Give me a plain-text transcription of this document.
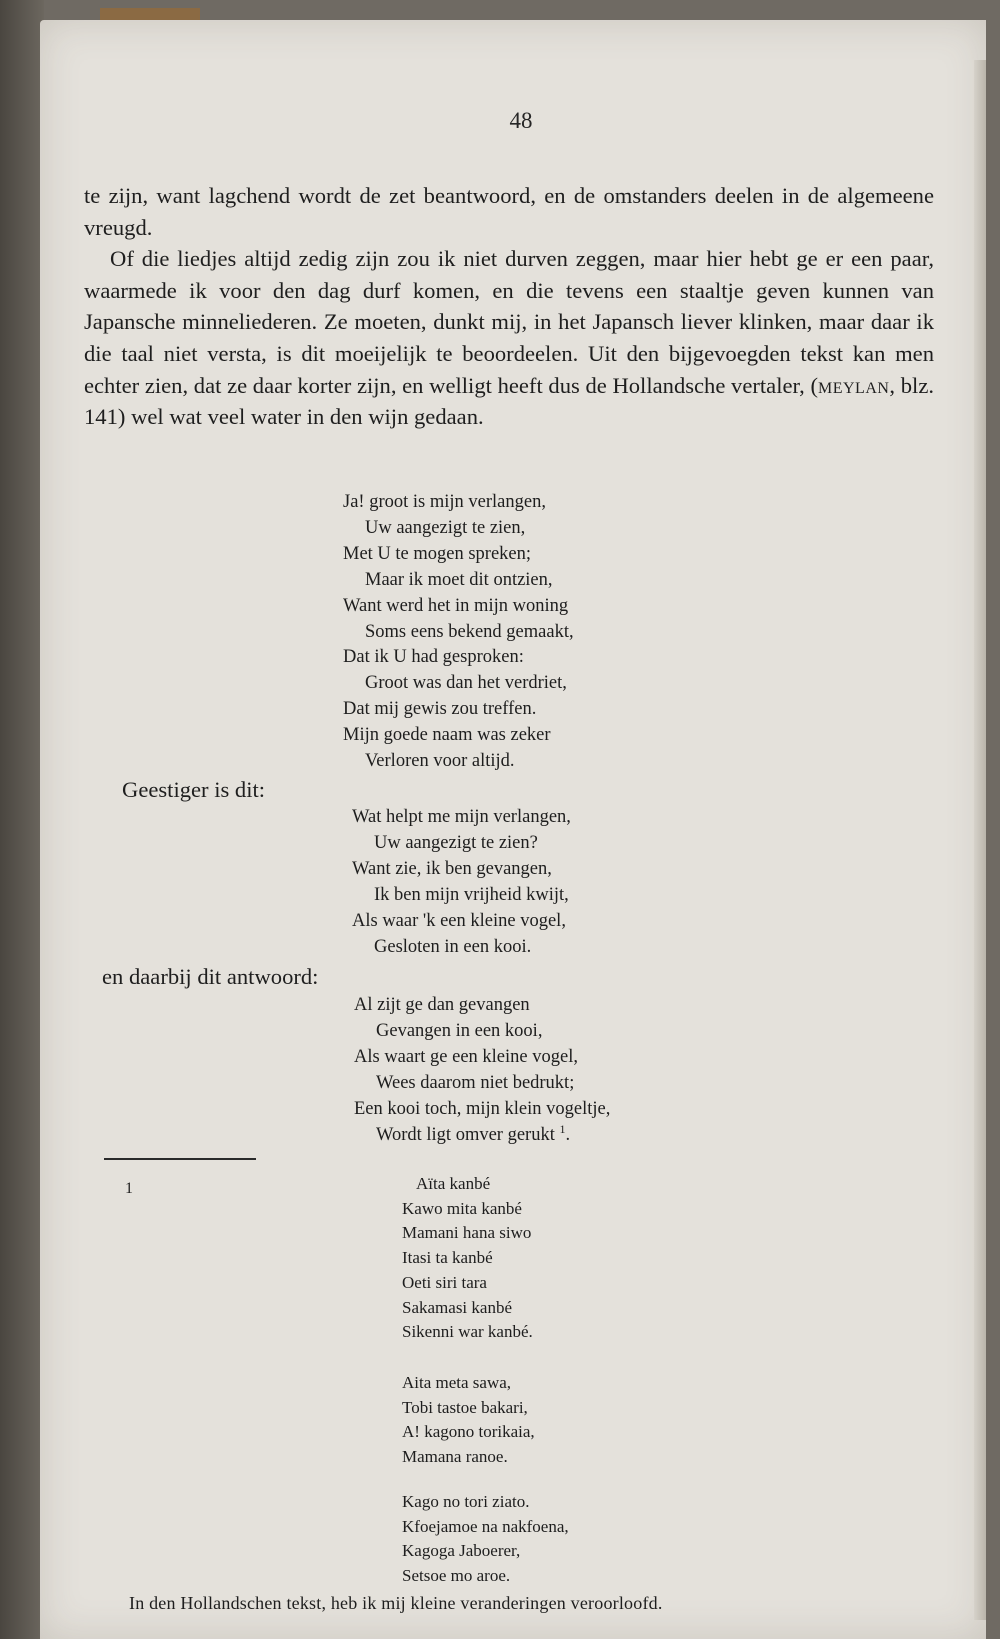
48

te zijn, want lagchend wordt de zet beantwoord, en de omstanders deelen in de algemeene vreugd.

Of die liedjes altijd zedig zijn zou ik niet durven zeggen, maar hier hebt ge er een paar, waarmede ik voor den dag durf komen, en die tevens een staaltje geven kunnen van Japansche minneliederen. Ze moeten, dunkt mij, in het Japansch liever klinken, maar daar ik die taal niet versta, is dit moeijelijk te beoordeelen. Uit den bijgevoegden tekst kan men echter zien, dat ze daar korter zijn, en welligt heeft dus de Hollandsche vertaler, (meylan, blz. 141) wel wat veel water in den wijn gedaan.

Ja! groot is mijn verlangen,
Uw aangezigt te zien,
Met U te mogen spreken;
Maar ik moet dit ontzien,
Want werd het in mijn woning
Soms eens bekend gemaakt,
Dat ik U had gesproken:
Groot was dan het verdriet,
Dat mij gewis zou treffen.
Mijn goede naam was zeker
Verloren voor altijd.
Geestiger is dit:
Wat helpt me mijn verlangen,
Uw aangezigt te zien?
Want zie, ik ben gevangen,
Ik ben mijn vrijheid kwijt,
Als waar 'k een kleine vogel,
Gesloten in een kooi.
en daarbij dit antwoord:
Al zijt ge dan gevangen
Gevangen in een kooi,
Als waart ge een kleine vogel,
Wees daarom niet bedrukt;
Een kooi toch, mijn klein vogeltje,
Wordt ligt omver gerukt $^1$.
1	Aïta kanbé
Kawo mita kanbé
Mamani hana siwo
Itasi ta kanbé
Oeti siri tara
Sakamasi kanbé
Sikenni war kanbé.
Aita meta sawa,
Tobi tastoe bakari,
A! kagono torikaia,
Mamana ranoe.
Kago no tori ziato.
Kfoejamoe na nakfoena,
Kagoga Jaboerer,
Setsoe mo aroe.
In den Hollandschen tekst, heb ik mij kleine veranderingen veroorloofd.
